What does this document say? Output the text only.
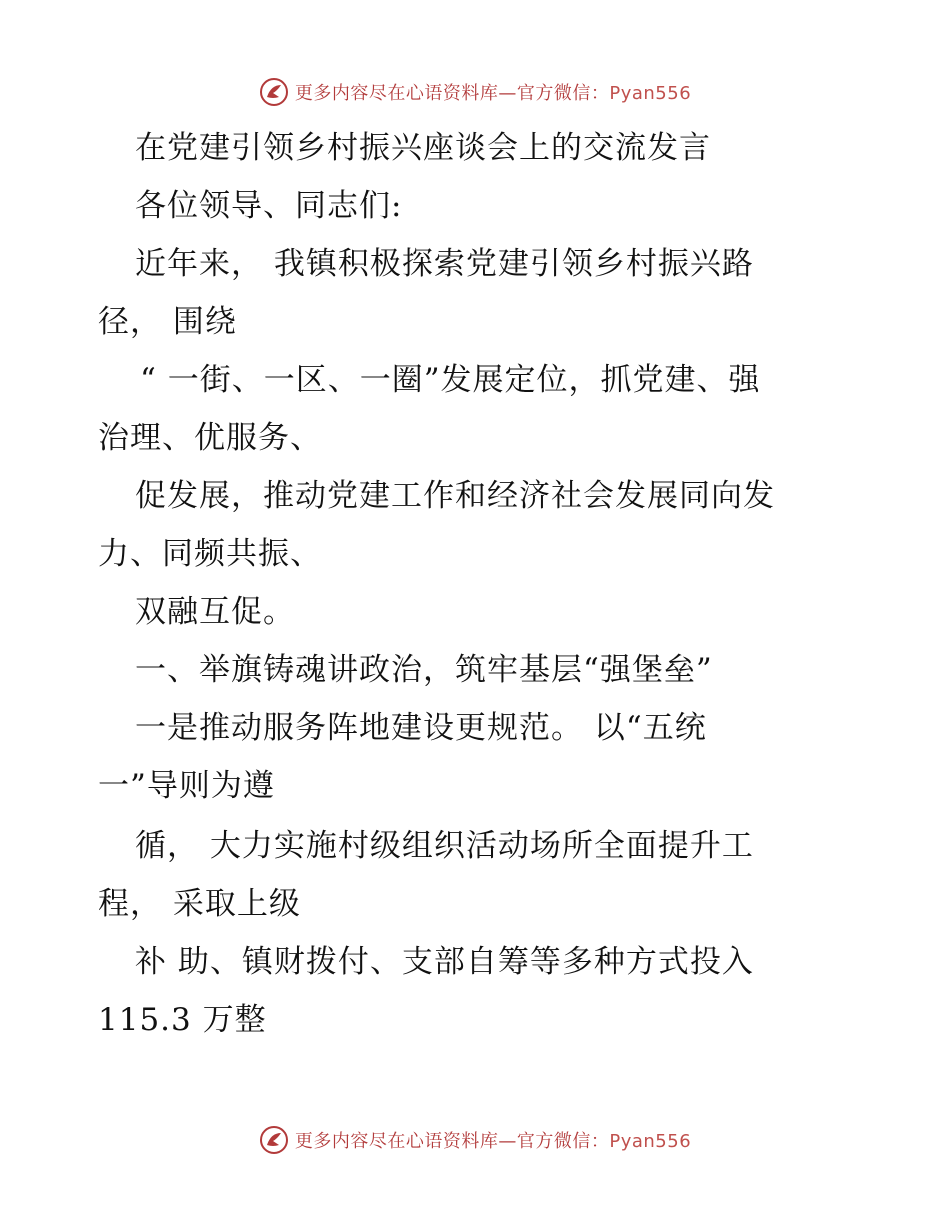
更多内容尽在心语资料库—官方微信：Pyan556
在党建引领乡村振兴座谈会上的交流发言
各位领导、同志们:
近年来， 我镇积极探索党建引领乡村振兴路
径， 围绕
“ 一街、一区、一圈”发展定位，抓党建、强
治理、优服务、
促发展，推动党建工作和经济社会发展同向发
力、同频共振、
双融互促。
一、举旗铸魂讲政治，筑牢基层“强堡垒”
一是推动服务阵地建设更规范。 以“五统
一”导则为遵
循， 大力实施村级组织活动场所全面提升工
程， 采取上级
补 助、镇财拨付、支部自筹等多种方式投入
115.3 万整
更多内容尽在心语资料库—官方微信：Pyan556
